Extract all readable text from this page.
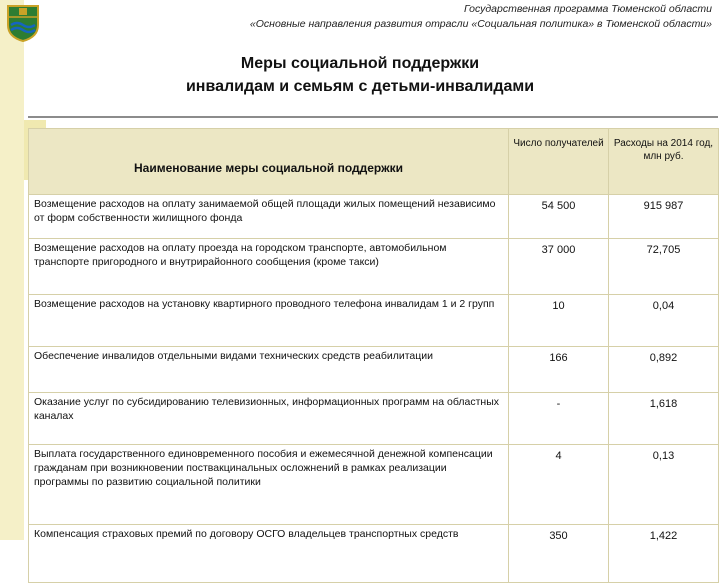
Государственная программа Тюменской области
«Основные направления развития отрасли «Социальная политика» в Тюменской области»
Меры социальной поддержки
инвалидам и семьям с детьми-инвалидами
Наименование меры социальной поддержки	Число получателей	Расходы на 2014 год, млн руб.
Возмещение расходов на оплату занимаемой общей площади жилых помещений независимо от форм собственности жилищного фонда	54 500	915 987
Возмещение расходов на оплату проезда на городском транспорте, автомобильном транспорте пригородного и внутрирайонного сообщения (кроме такси)	37 000	72,705
Возмещение расходов на установку квартирного проводного телефона инвалидам 1 и 2 групп	10	0,04
Обеспечение инвалидов отдельными видами технических средств реабилитации	166	0,892
Оказание услуг по субсидированию телевизионных, информационных программ на областных каналах	-	1,618
Выплата государственного единовременного пособия и ежемесячной денежной компенсации гражданам при возникновении поствакцинальных осложнений в рамках реализации программы по развитию социальной политики	4	0,13
Компенсация страховых премий по договору ОСГО владельцев транспортных средств	350	1,422
